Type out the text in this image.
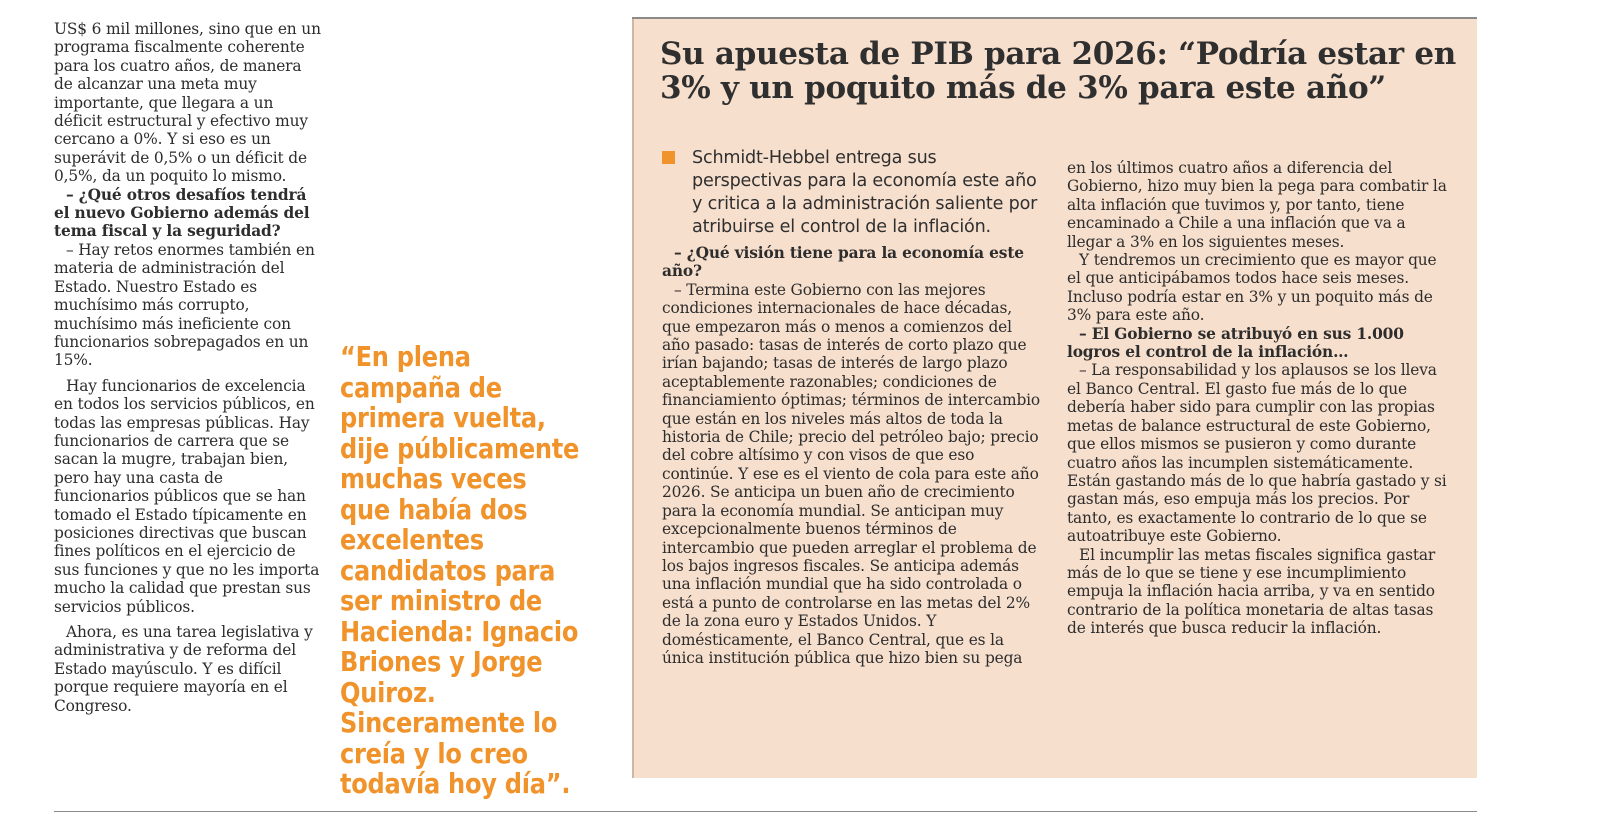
US$ 6 mil millones, sino que en un programa fiscalmente coherente para los cuatro años, de manera de alcanzar una meta muy importante, que llegara a un déficit estructural y efectivo muy cercano a 0%. Y si eso es un superávit de 0,5% o un déficit de 0,5%, da un poquito lo mismo.

– ¿Qué otros desafíos tendrá el nuevo Gobierno además del tema fiscal y la seguridad?

– Hay retos enormes también en materia de administración del Estado. Nuestro Estado es muchísimo más corrupto, muchísimo más ineficiente con funcionarios sobrepagados en un 15%.

Hay funcionarios de excelencia en todos los servicios públicos, en todas las empresas públicas. Hay funcionarios de carrera que se sacan la mugre, trabajan bien, pero hay una casta de funcionarios públicos que se han tomado el Estado típicamente en posiciones directivas que buscan fines políticos en el ejercicio de sus funciones y que no les importa mucho la calidad que prestan sus servicios públicos.

Ahora, es una tarea legislativa y administrativa y de reforma del Estado mayúsculo. Y es difícil porque requiere mayoría en el Congreso.

“En plena campaña de primera vuelta, dije públicamente muchas veces que había dos excelentes candidatos para ser ministro de Hacienda: Ignacio Briones y Jorge Quiroz. Sinceramente lo creía y lo creo todavía hoy día”.
Su apuesta de PIB para 2026: “Podría estar en 3% y un poquito más de 3% para este año”
Schmidt-Hebbel entrega sus perspectivas para la economía este año y critica a la administración saliente por atribuirse el control de la inflación.

– ¿Qué visión tiene para la economía este año?

– Termina este Gobierno con las mejores condiciones internacionales de hace décadas, que empezaron más o menos a comienzos del año pasado: tasas de interés de corto plazo que irían bajando; tasas de interés de largo plazo aceptablemente razonables; condiciones de financiamiento óptimas; términos de intercambio que están en los niveles más altos de toda la historia de Chile; precio del petróleo bajo; precio del cobre altísimo y con visos de que eso continúe. Y ese es el viento de cola para este año 2026. Se anticipa un buen año de crecimiento para la economía mundial. Se anticipan muy excepcionalmente buenos términos de intercambio que pueden arreglar el problema de los bajos ingresos fiscales. Se anticipa además una inflación mundial que ha sido controlada o está a punto de controlarse en las metas del 2% de la zona euro y Estados Unidos. Y domésticamente, el Banco Central, que es la única institución pública que hizo bien su pega

en los últimos cuatro años a diferencia del Gobierno, hizo muy bien la pega para combatir la alta inflación que tuvimos y, por tanto, tiene encaminado a Chile a una inflación que va a llegar a 3% en los siguientes meses.

Y tendremos un crecimiento que es mayor que el que anticipábamos todos hace seis meses. Incluso podría estar en 3% y un poquito más de 3% para este año.

– El Gobierno se atribuyó en sus 1.000 logros el control de la inflación…

– La responsabilidad y los aplausos se los lleva el Banco Central. El gasto fue más de lo que debería haber sido para cumplir con las propias metas de balance estructural de este Gobierno, que ellos mismos se pusieron y como durante cuatro años las incumplen sistemáticamente. Están gastando más de lo que habría gastado y si gastan más, eso empuja más los precios. Por tanto, es exactamente lo contrario de lo que se autoatribuye este Gobierno.

El incumplir las metas fiscales significa gastar más de lo que se tiene y ese incumplimiento empuja la inflación hacia arriba, y va en sentido contrario de la política monetaria de altas tasas de interés que busca reducir la inflación.
